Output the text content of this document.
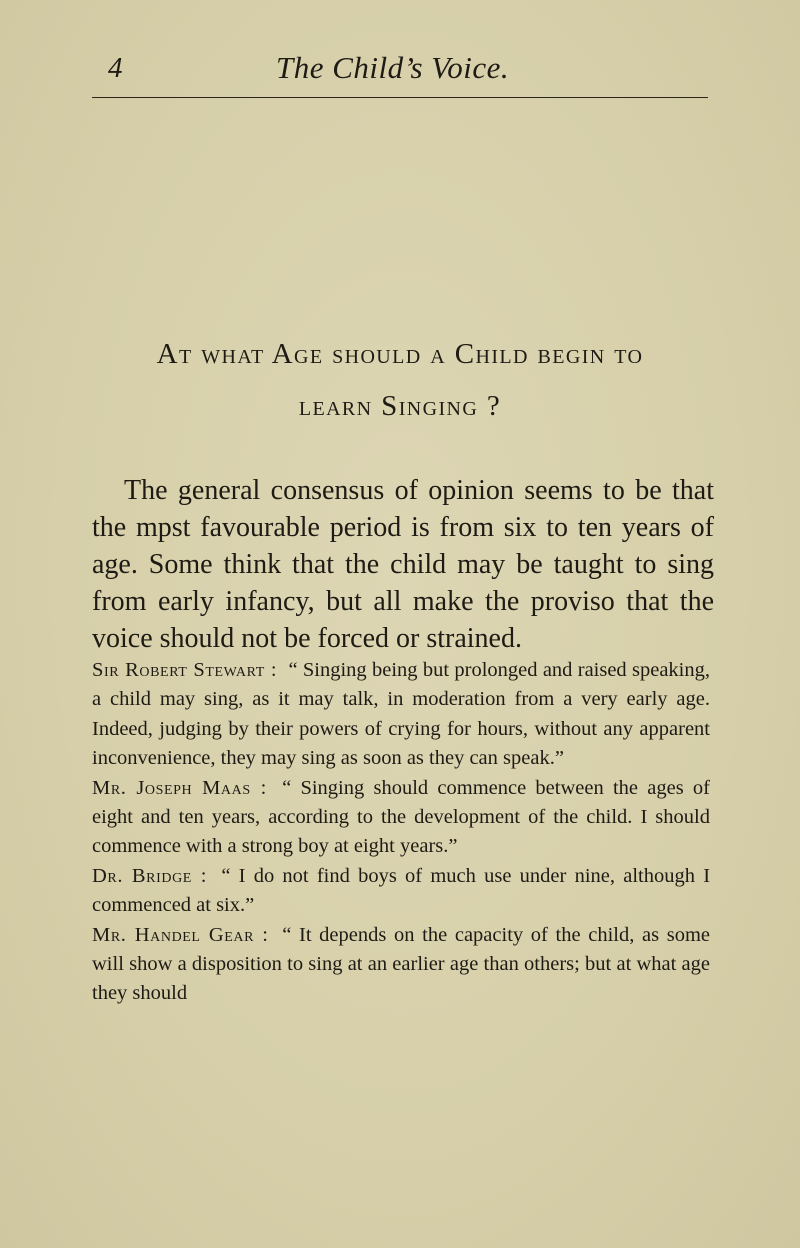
4	The Child’s Voice.
At what Age should a Child begin to
learn Singing ?

The general consensus of opinion seems to be that the mpst favourable period is from six to ten years of age. Some think that the child may be taught to sing from early infancy, but all make the proviso that the voice should not be forced or strained.

Sir Robert Stewart : “ Singing being but prolonged and raised speaking, a child may sing, as it may talk, in moderation from a very early age. Indeed, judging by their powers of crying for hours, without any apparent inconvenience, they may sing as soon as they can speak.”

Mr. Joseph Maas : “ Singing should commence between the ages of eight and ten years, according to the development of the child. I should commence with a strong boy at eight years.”

Dr. Bridge : “ I do not find boys of much use under nine, although I commenced at six.”

Mr. Handel Gear : “ It depends on the capacity of the child, as some will show a disposition to sing at an earlier age than others; but at what age they should
